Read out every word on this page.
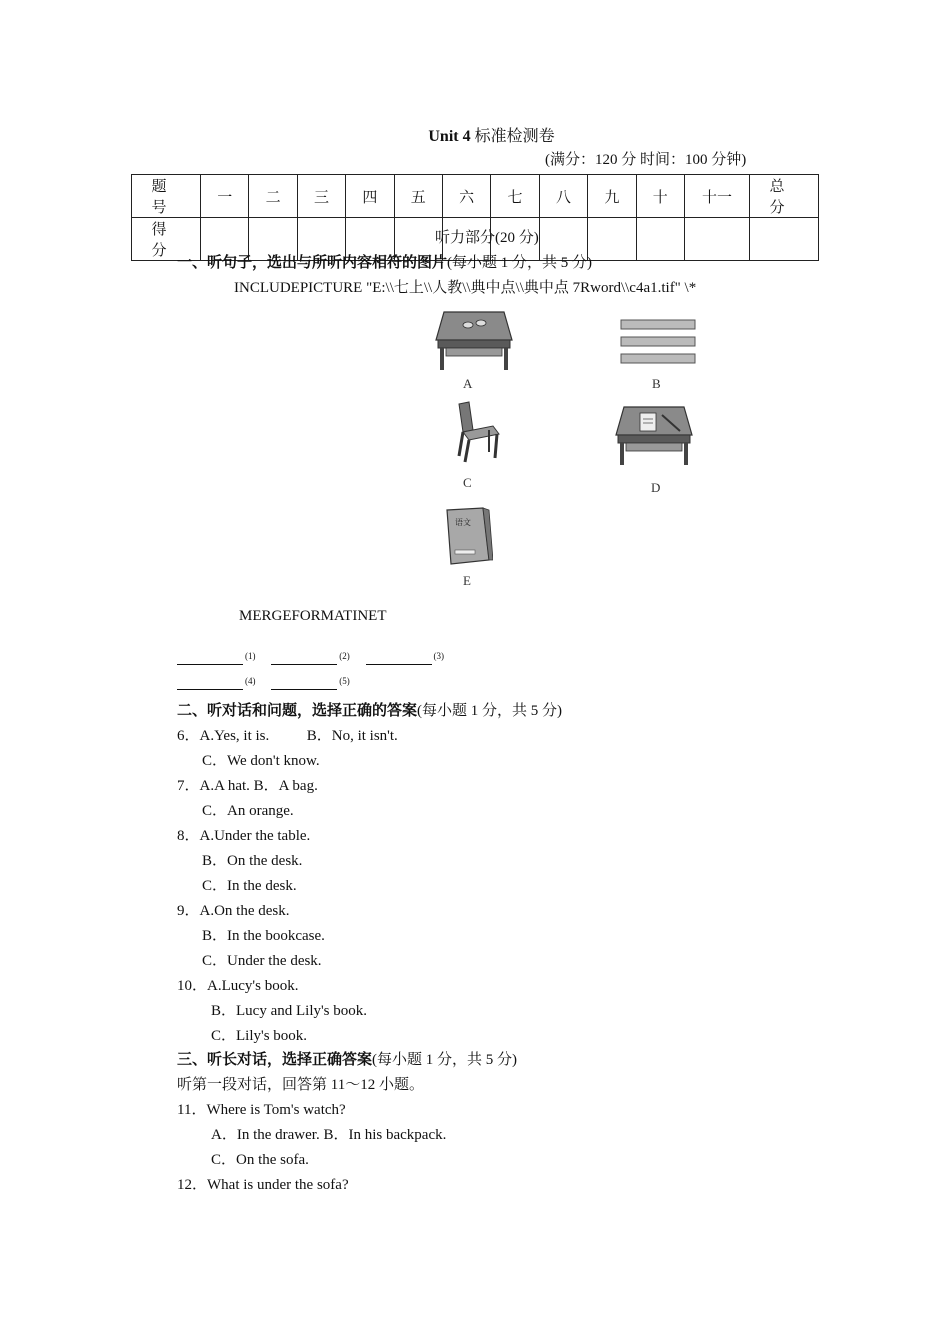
Unit 4 标准检测卷
(满分：120 分 时间：100 分钟)
题 号	一	二	三	四	五	六	七	八	九	十	十一	总 分
得 分												
听力部分(20 分)
一、听句子，选出与所听内容相符的图片(每小题 1 分，共 5 分)
INCLUDEPICTURE "E:\\七上\\人教\\典中点\\典中点 7Rword\\c4a1.tif" \*
A	B
C	D
语文
E
MERGEFORMATINET
$^{(1)}$	$^{(2)}$	$^{(3)}$
$^{(4)}$	$^{(5)}$
二、听对话和问题，选择正确的答案(每小题 1 分，共 5 分)
6．A.Yes, it is.          B．No, it isn't.
C．We don't know.
7．A.A hat. B．A bag.
C．An orange.
8．A.Under the table.
B．On the desk.
C．In the desk.
9．A.On the desk.
B．In the bookcase.
C．Under the desk.
10．A.Lucy's book.
B．Lucy and Lily's book.
C．Lily's book.
三、听长对话，选择正确答案(每小题 1 分，共 5 分)
听第一段对话，回答第 11～12 小题。
11．Where is Tom's watch?
A．In the drawer. B．In his backpack.
C．On the sofa.
12．What is under the sofa?
